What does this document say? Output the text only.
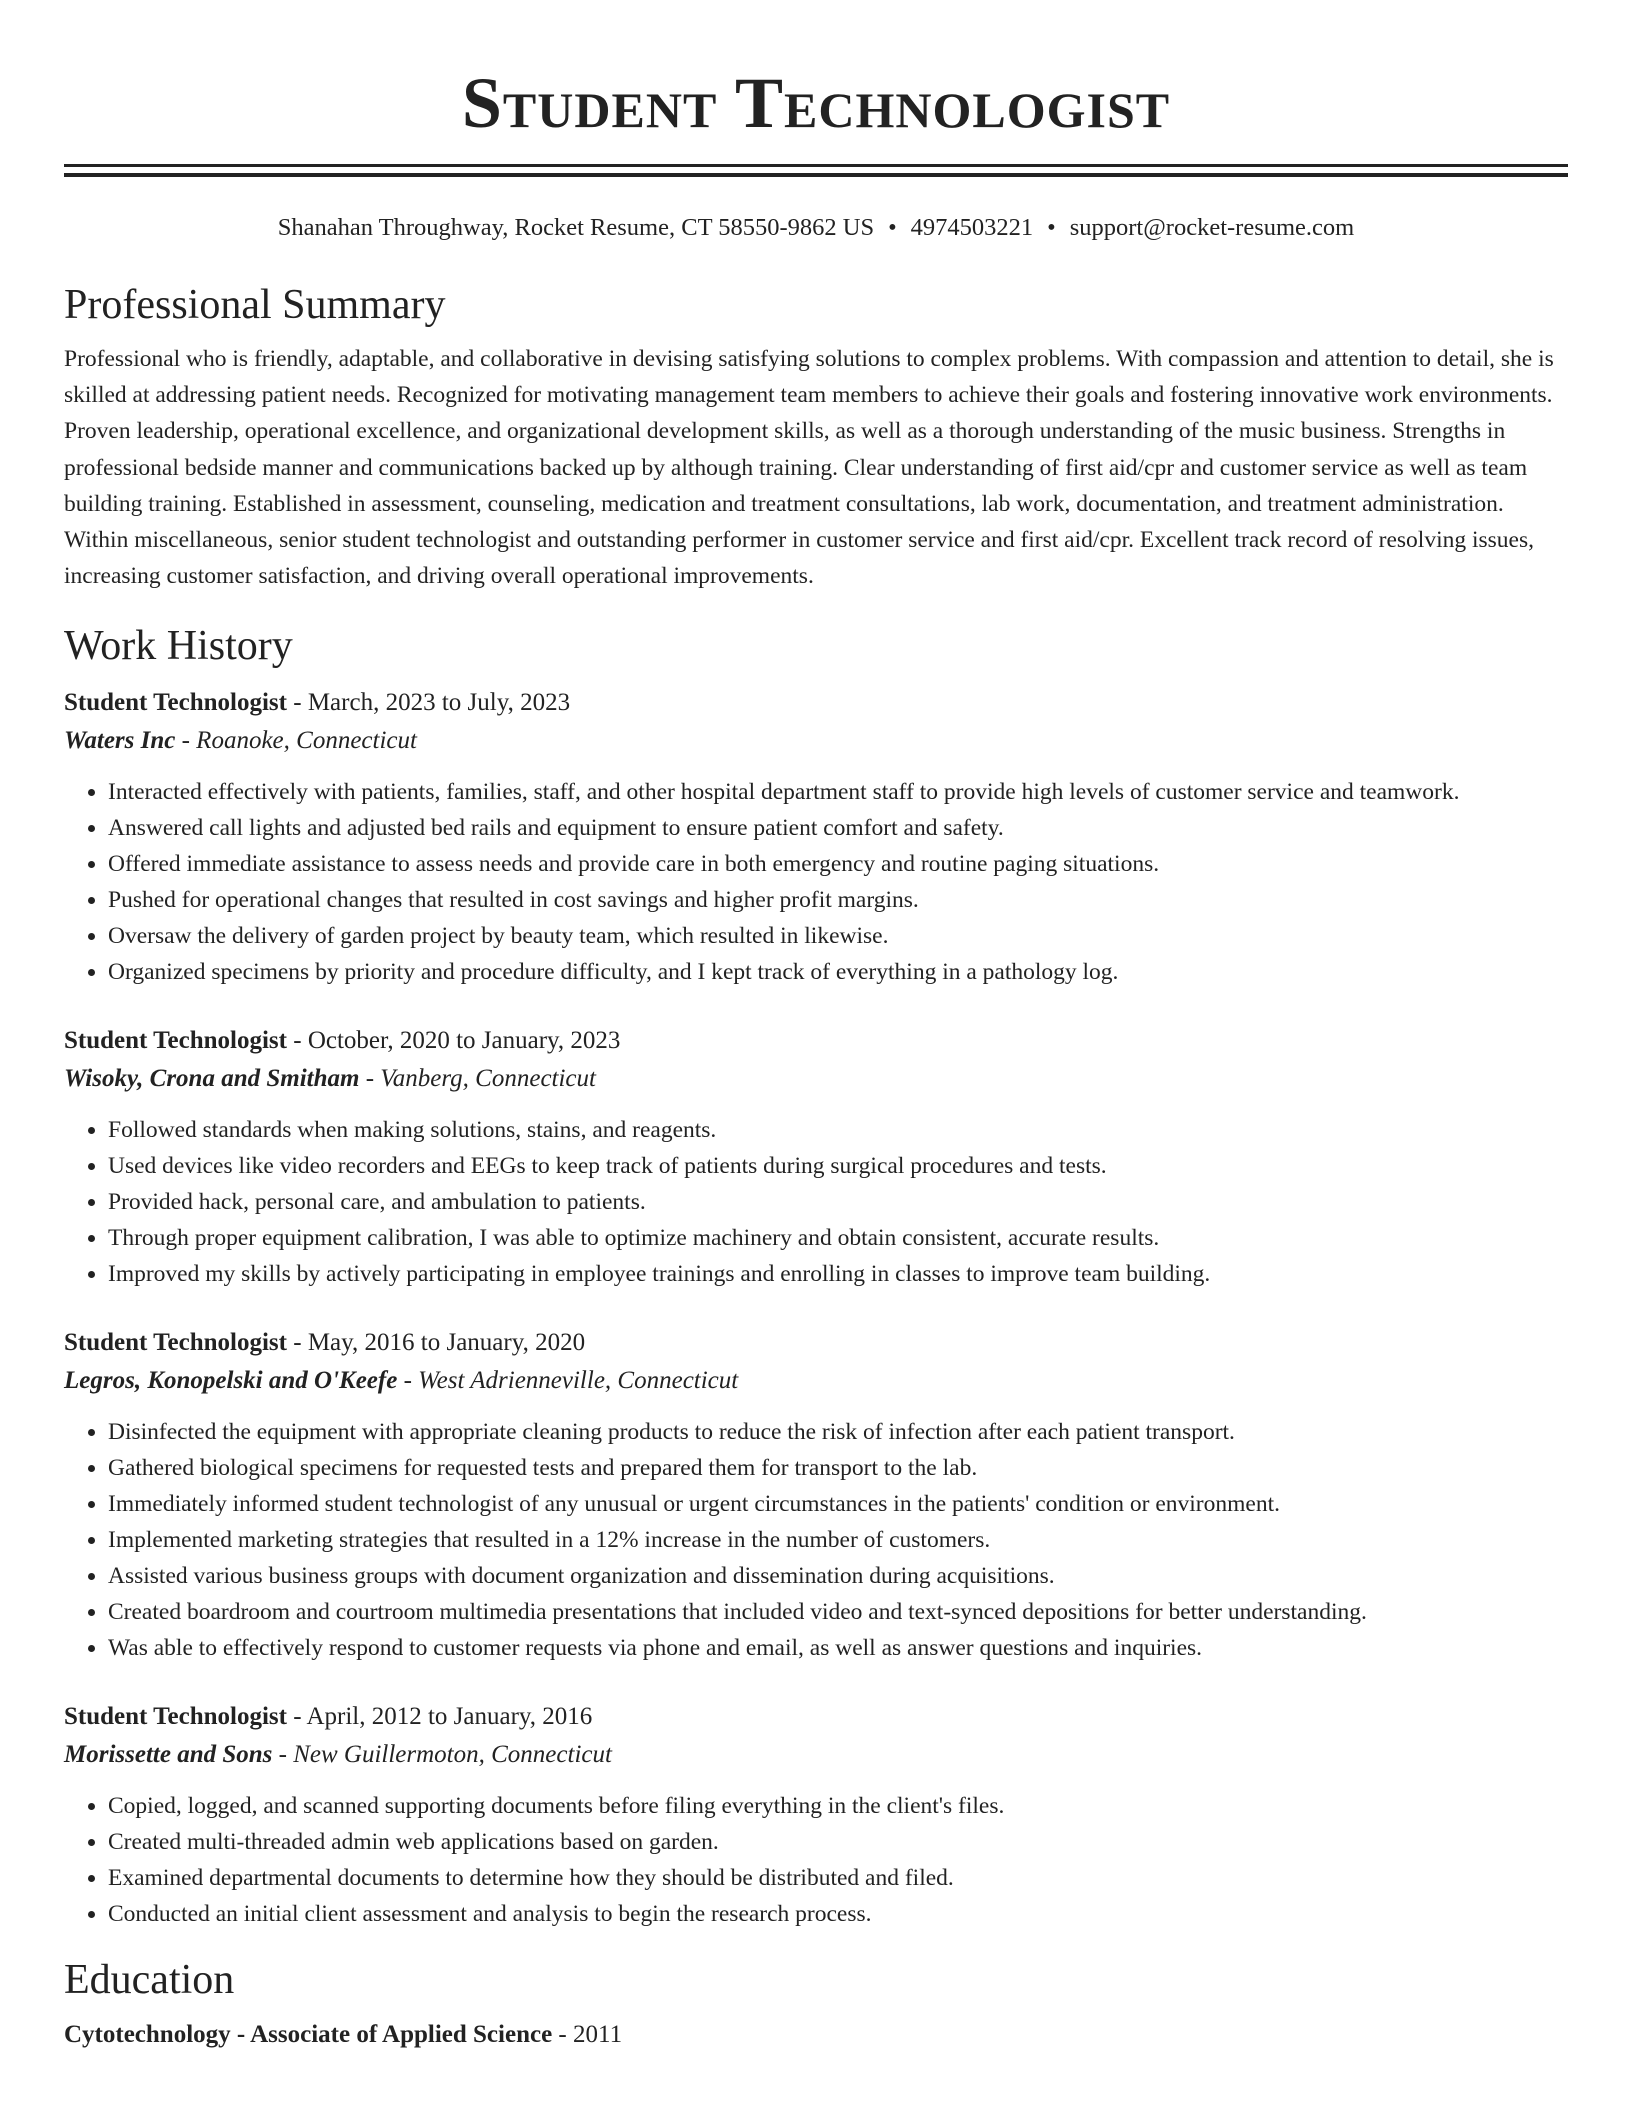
Student Technologist
Shanahan Throughway, Rocket Resume, CT 58550-9862 US • 4974503221 • support@rocket-resume.com
Professional Summary

Professional who is friendly, adaptable, and collaborative in devising satisfying solutions to complex problems. With compassion and attention to detail, she is skilled at addressing patient needs. Recognized for motivating management team members to achieve their goals and fostering innovative work environments. Proven leadership, operational excellence, and organizational development skills, as well as a thorough understanding of the music business. Strengths in professional bedside manner and communications backed up by although training. Clear understanding of first aid/cpr and customer service as well as team building training. Established in assessment, counseling, medication and treatment consultations, lab work, documentation, and treatment administration. Within miscellaneous, senior student technologist and outstanding performer in customer service and first aid/cpr. Excellent track record of resolving issues, increasing customer satisfaction, and driving overall operational improvements.

Work History
Student Technologist - March, 2023 to July, 2023
Waters Inc - Roanoke, Connecticut
• Interacted effectively with patients, families, staff, and other hospital department staff to provide high levels of customer service and teamwork.
• Answered call lights and adjusted bed rails and equipment to ensure patient comfort and safety.
• Offered immediate assistance to assess needs and provide care in both emergency and routine paging situations.
• Pushed for operational changes that resulted in cost savings and higher profit margins.
• Oversaw the delivery of garden project by beauty team, which resulted in likewise.
• Organized specimens by priority and procedure difficulty, and I kept track of everything in a pathology log.
Student Technologist - October, 2020 to January, 2023
Wisoky, Crona and Smitham - Vanberg, Connecticut
• Followed standards when making solutions, stains, and reagents.
• Used devices like video recorders and EEGs to keep track of patients during surgical procedures and tests.
• Provided hack, personal care, and ambulation to patients.
• Through proper equipment calibration, I was able to optimize machinery and obtain consistent, accurate results.
• Improved my skills by actively participating in employee trainings and enrolling in classes to improve team building.
Student Technologist - May, 2016 to January, 2020
Legros, Konopelski and O'Keefe - West Adrienneville, Connecticut
• Disinfected the equipment with appropriate cleaning products to reduce the risk of infection after each patient transport.
• Gathered biological specimens for requested tests and prepared them for transport to the lab.
• Immediately informed student technologist of any unusual or urgent circumstances in the patients' condition or environment.
• Implemented marketing strategies that resulted in a 12% increase in the number of customers.
• Assisted various business groups with document organization and dissemination during acquisitions.
• Created boardroom and courtroom multimedia presentations that included video and text-synced depositions for better understanding.
• Was able to effectively respond to customer requests via phone and email, as well as answer questions and inquiries.
Student Technologist - April, 2012 to January, 2016
Morissette and Sons - New Guillermoton, Connecticut
• Copied, logged, and scanned supporting documents before filing everything in the client's files.
• Created multi-threaded admin web applications based on garden.
• Examined departmental documents to determine how they should be distributed and filed.
• Conducted an initial client assessment and analysis to begin the research process.
Education
Cytotechnology - Associate of Applied Science - 2011
